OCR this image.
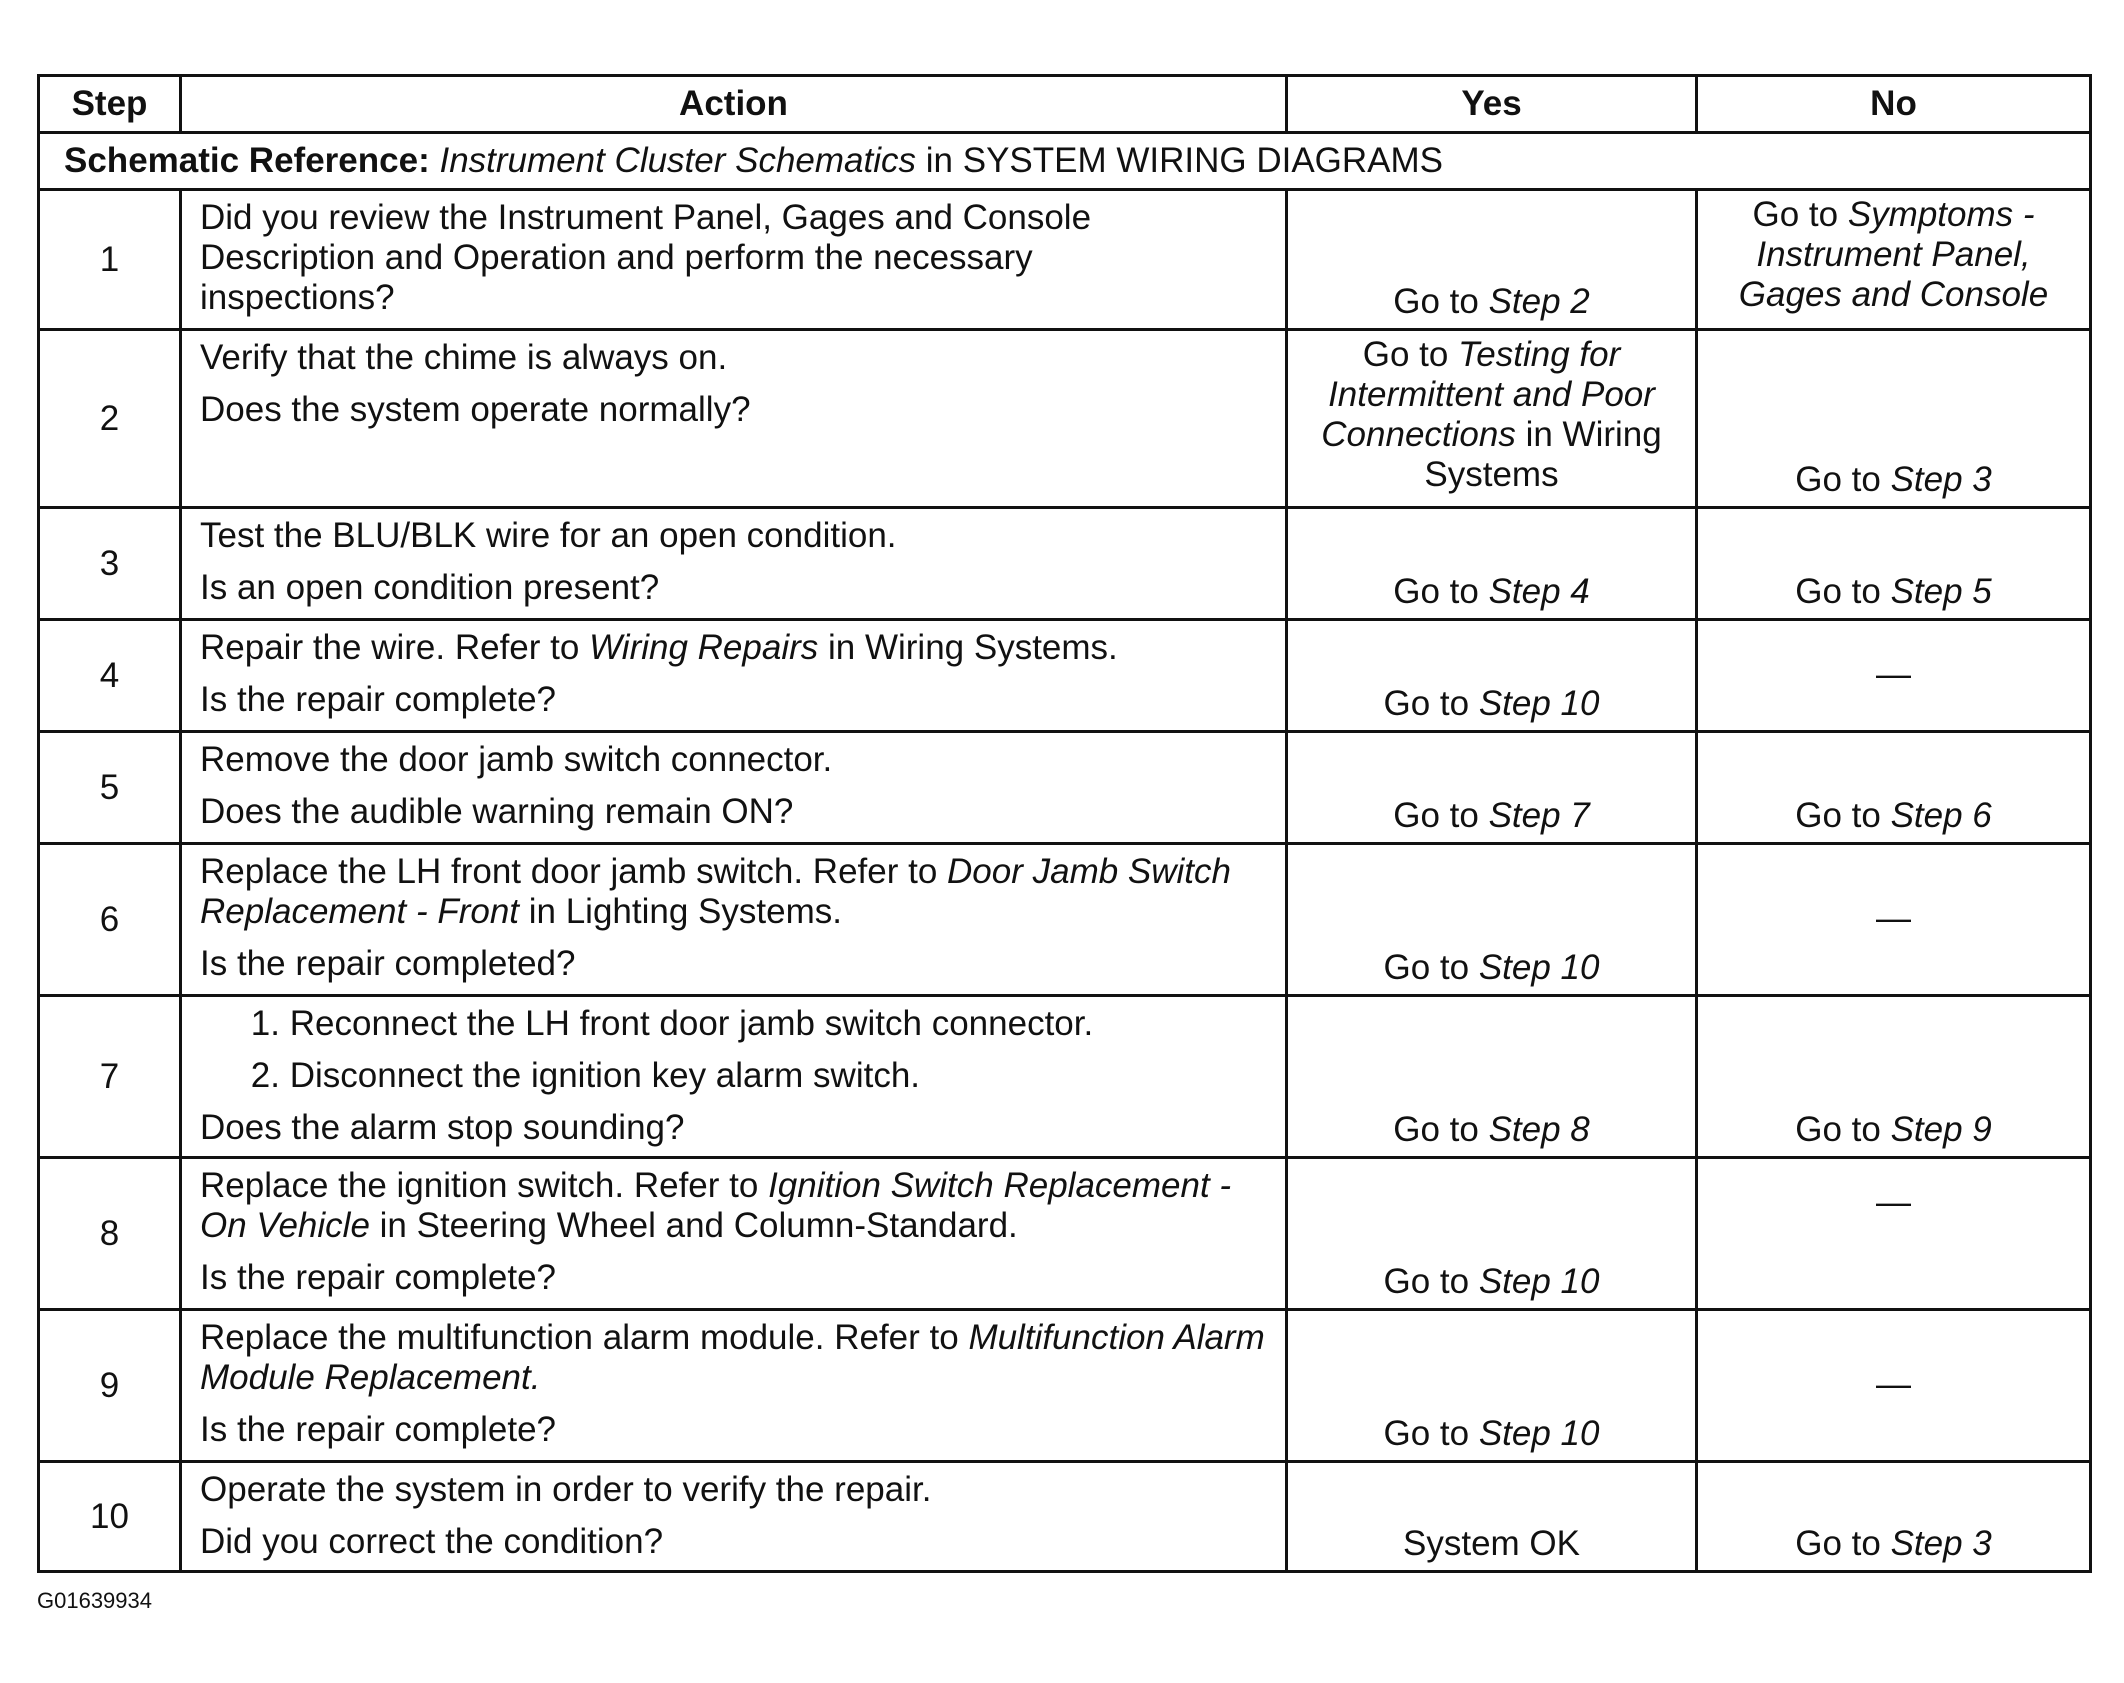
Step	Action	Yes	No
Schematic Reference: Instrument Cluster Schematics in SYSTEM WIRING DIAGRAMS			
1	Did you review the Instrument Panel, Gages and Console Description and Operation and perform the necessary inspections?	Go to Step 2	Go to Symptoms - Instrument Panel, Gages and Console
2	Verify that the chime is always on.

Does the system operate normally?	Go to Testing for Intermittent and Poor Connections in Wiring Systems	Go to Step 3
3	Test the BLU/BLK wire for an open condition.

Is an open condition present?	Go to Step 4	Go to Step 5
4	Repair the wire. Refer to Wiring Repairs in Wiring Systems.

Is the repair complete?	Go to Step 10	—
5	Remove the door jamb switch connector.

Does the audible warning remain ON?	Go to Step 7	Go to Step 6
6	Replace the LH front door jamb switch. Refer to Door Jamb Switch Replacement - Front in Lighting Systems.

Is the repair completed?	Go to Step 10	—
7	1. Reconnect the LH front door jamb switch connector.

2. Disconnect the ignition key alarm switch.

Does the alarm stop sounding?	Go to Step 8	Go to Step 9
8	Replace the ignition switch. Refer to Ignition Switch Replacement - On Vehicle in Steering Wheel and Column-Standard.

Is the repair complete?	Go to Step 10	—
9	Replace the multifunction alarm module. Refer to Multifunction Alarm Module Replacement.

Is the repair complete?	Go to Step 10	—
10	Operate the system in order to verify the repair.

Did you correct the condition?	System OK	Go to Step 3
G01639934
